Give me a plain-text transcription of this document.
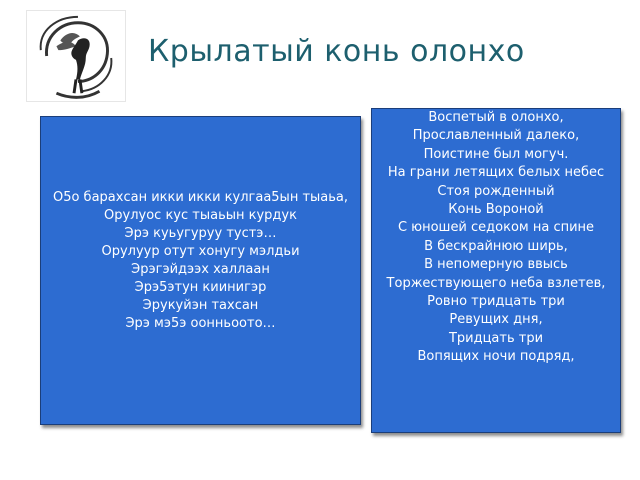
Крылатый конь олонхо

О5о барахсан икки икки кулгаа5ын тыаьа,

Орулуос кус тыаьын курдук

Эрэ куьугуруу тустэ…

Орулуур отут хонугу мэлдьи

Эрэгэйдээх халлаан

Эрэ5этун киинигэр

Эрукуйэн тахсан

Эрэ мэ5э оонньоото…

Воспетый в олонхо,

Прославленный далеко,

Поистине был могуч.

На грани летящих белых небес

Стоя рожденный

Конь Вороной

С юношей седоком на спине

В бескрайнюю ширь,

В непомерную ввысь

Торжествующего неба взлетев,

Ровно тридцать три

Ревущих дня,

Тридцать три

Вопящих ночи подряд,
